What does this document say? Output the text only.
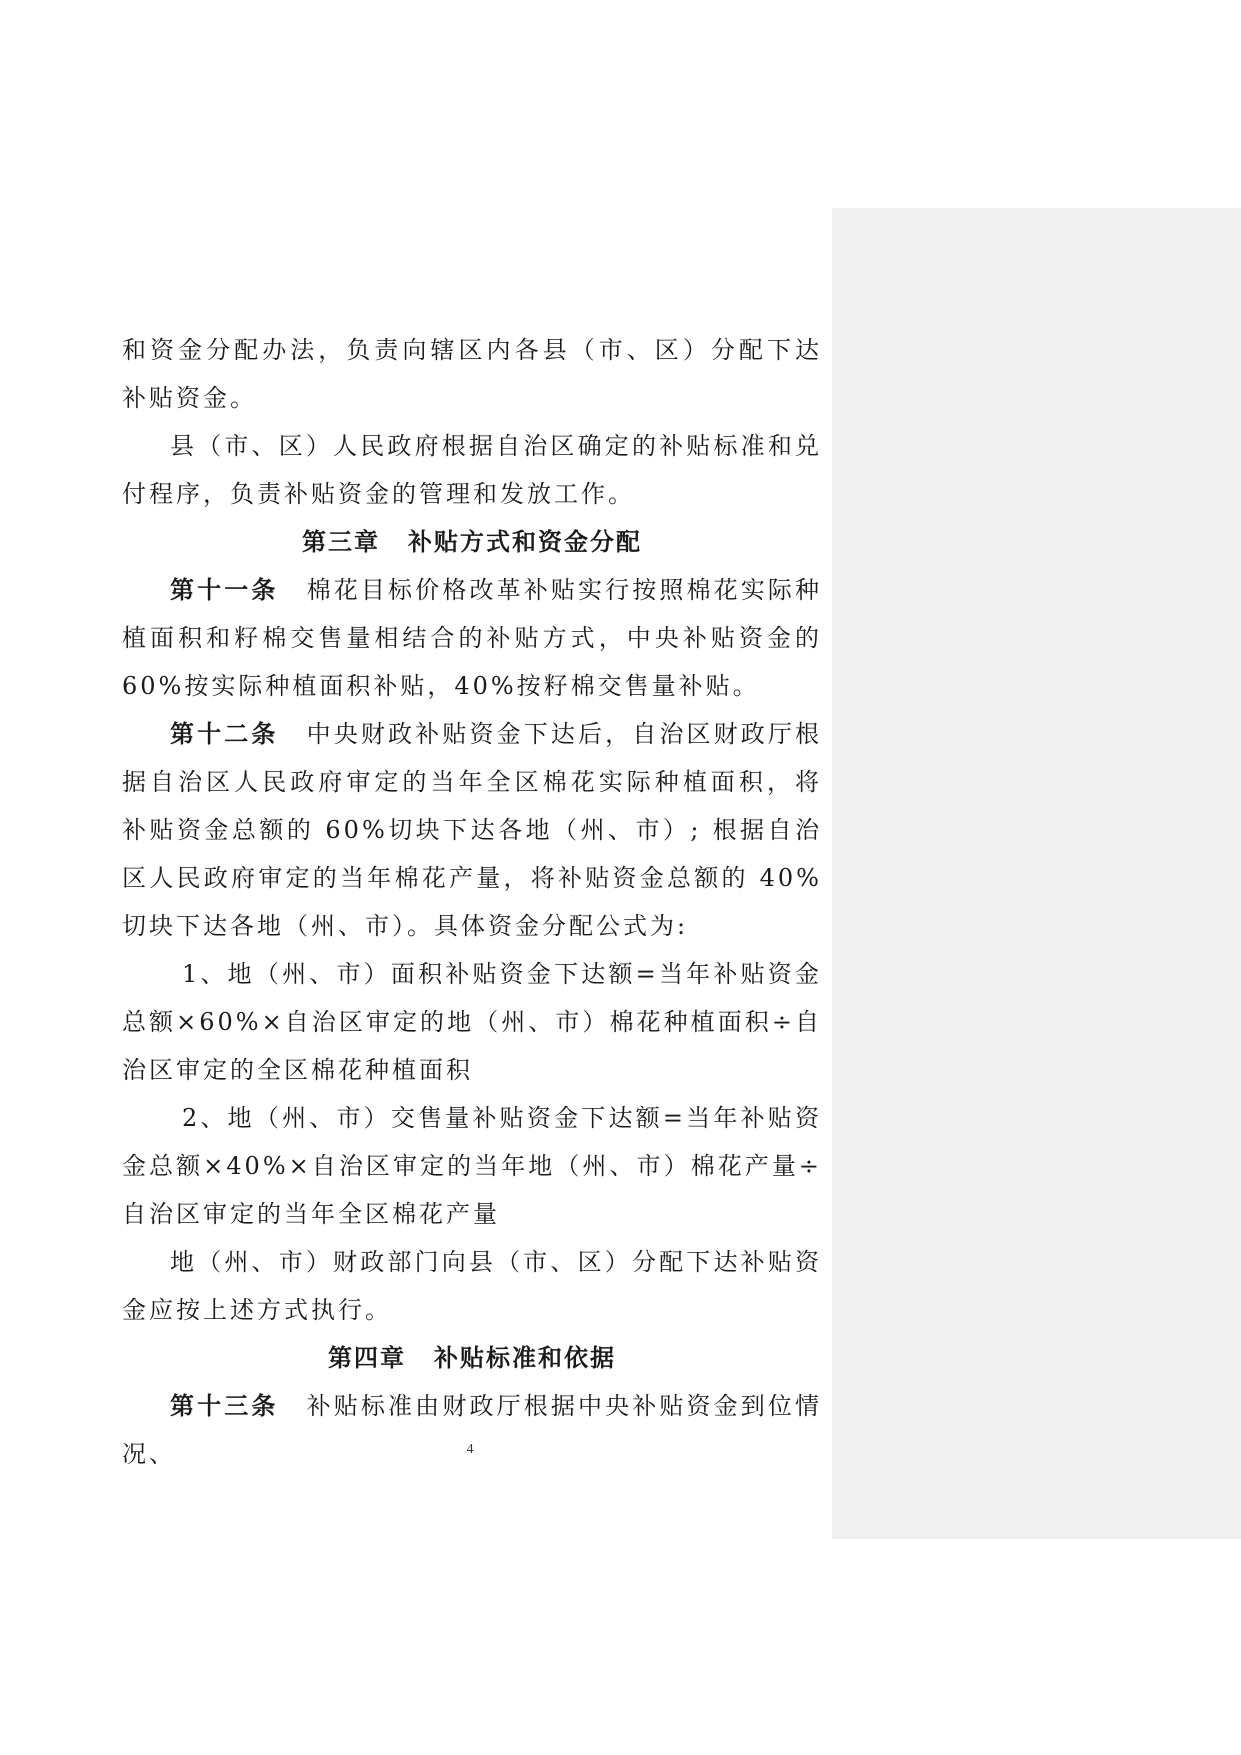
和资金分配办法，负责向辖区内各县（市、区）分配下达补贴资金。

县（市、区）人民政府根据自治区确定的补贴标准和兑付程序，负责补贴资金的管理和发放工作。

第三章 补贴方式和资金分配

第十一条 棉花目标价格改革补贴实行按照棉花实际种植面积和籽棉交售量相结合的补贴方式，中央补贴资金的 60%按实际种植面积补贴，40%按籽棉交售量补贴。

第十二条 中央财政补贴资金下达后，自治区财政厅根据自治区人民政府审定的当年全区棉花实际种植面积，将补贴资金总额的 60%切块下达各地（州、市）; 根据自治区人民政府审定的当年棉花产量，将补贴资金总额的 40%切块下达各地（州、市）。具体资金分配公式为:

1、地（州、市）面积补贴资金下达额=当年补贴资金总额×60%×自治区审定的地（州、市）棉花种植面积÷自治区审定的全区棉花种植面积

2、地（州、市）交售量补贴资金下达额=当年补贴资金总额×40%×自治区审定的当年地（州、市）棉花产量÷自治区审定的当年全区棉花产量

地（州、市）财政部门向县（市、区）分配下达补贴资金应按上述方式执行。

第四章 补贴标准和依据

第十三条 补贴标准由财政厅根据中央补贴资金到位情况、	4
